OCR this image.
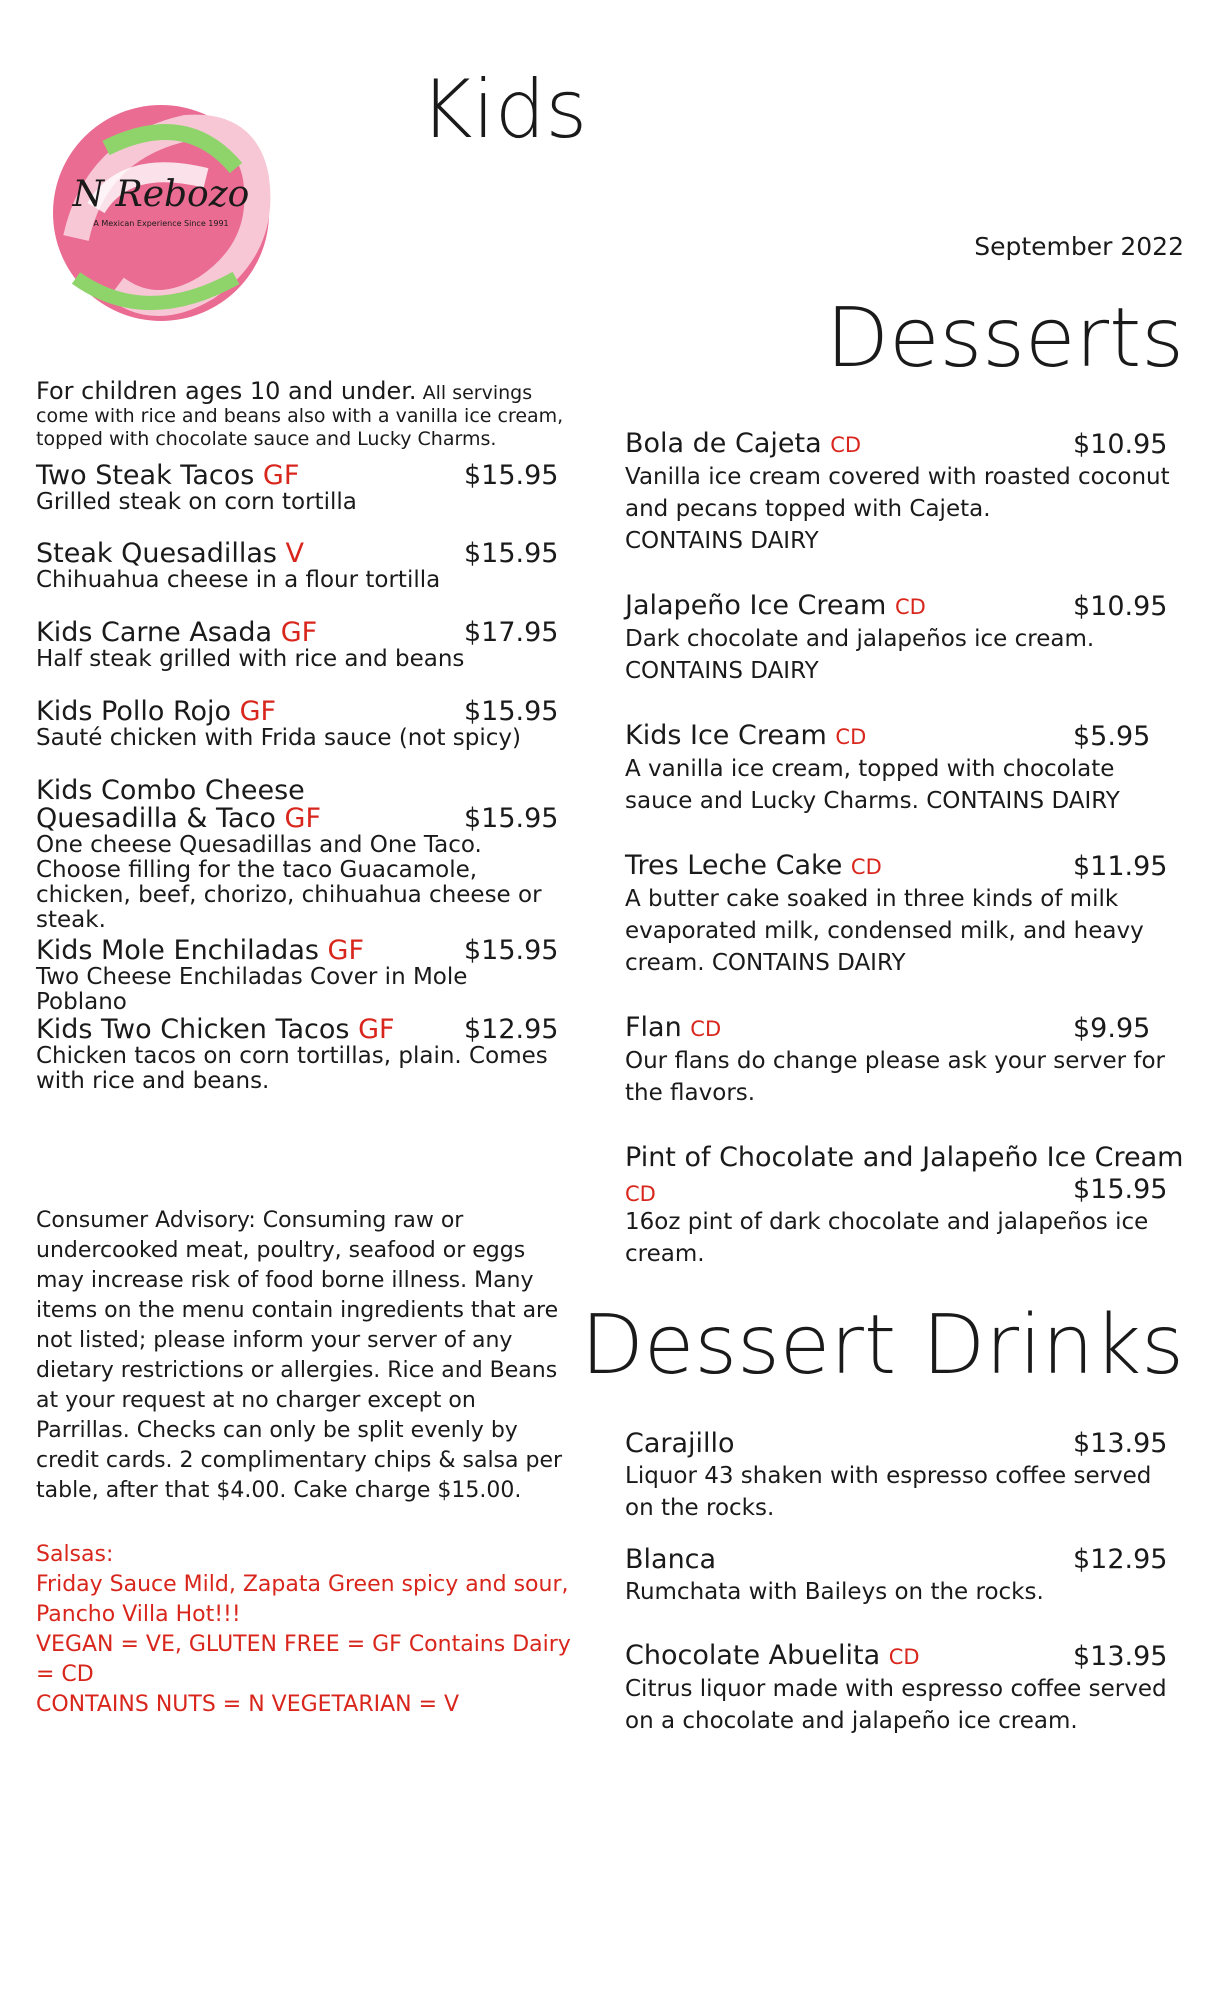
N Rebozo
A Mexican Experience Since 1991
Kids
September 2022
Desserts
Dessert Drinks
For children ages 10 and under. All servings come with rice and beans also with a vanilla ice cream, topped with chocolate sauce and Lucky Charms.
Two Steak Tacos GF	$15.95
Grilled steak on corn tortilla
Steak Quesadillas V	$15.95
Chihuahua cheese in a flour tortilla
Kids Carne Asada GF	$17.95
Half steak grilled with rice and beans
Kids Pollo Rojo GF	$15.95
Sauté chicken with Frida sauce (not spicy)
Kids Combo Cheese
Quesadilla & Taco GF	$15.95
One cheese Quesadillas and One Taco. Choose filling for the taco Guacamole, chicken, beef, chorizo, chihuahua cheese or steak.
Kids Mole Enchiladas GF	$15.95
Two Cheese Enchiladas Cover in Mole Poblano
Kids Two Chicken Tacos GF	$12.95
Chicken tacos on corn tortillas, plain. Comes with rice and beans.
Consumer Advisory: Consuming raw or undercooked meat, poultry, seafood or eggs may increase risk of food borne illness. Many items on the menu contain ingredients that are not listed; please inform your server of any dietary restrictions or allergies. Rice and Beans at your request at no charger except on Parrillas. Checks can only be split evenly by credit cards. 2 complimentary chips & salsa per table, after that $4.00. Cake charge $15.00.
Salsas:
Friday Sauce Mild, Zapata Green spicy and sour, Pancho Villa Hot!!!
VEGAN = VE, GLUTEN FREE = GF Contains Dairy = CD
CONTAINS NUTS = N VEGETARIAN = V
Bola de Cajeta CD	$10.95
Vanilla ice cream covered with roasted coconut and pecans topped with Cajeta.
CONTAINS DAIRY
Jalapeño Ice Cream CD	$10.95
Dark chocolate and jalapeños ice cream.
CONTAINS DAIRY
Kids Ice Cream CD	$5.95
A vanilla ice cream, topped with chocolate sauce and Lucky Charms. CONTAINS DAIRY
Tres Leche Cake CD	$11.95
A butter cake soaked in three kinds of milk evaporated milk, condensed milk, and heavy cream. CONTAINS DAIRY
Flan CD	$9.95
Our flans do change please ask your server for the flavors.
Pint of Chocolate and Jalapeño Ice Cream
CD	$15.95
16oz pint of dark chocolate and jalapeños ice cream.
Carajillo	$13.95
Liquor 43 shaken with espresso coffee served on the rocks.
Blanca	$12.95
Rumchata with Baileys on the rocks.
Chocolate Abuelita CD	$13.95
Citrus liquor made with espresso coffee served on a chocolate and jalapeño ice cream.
